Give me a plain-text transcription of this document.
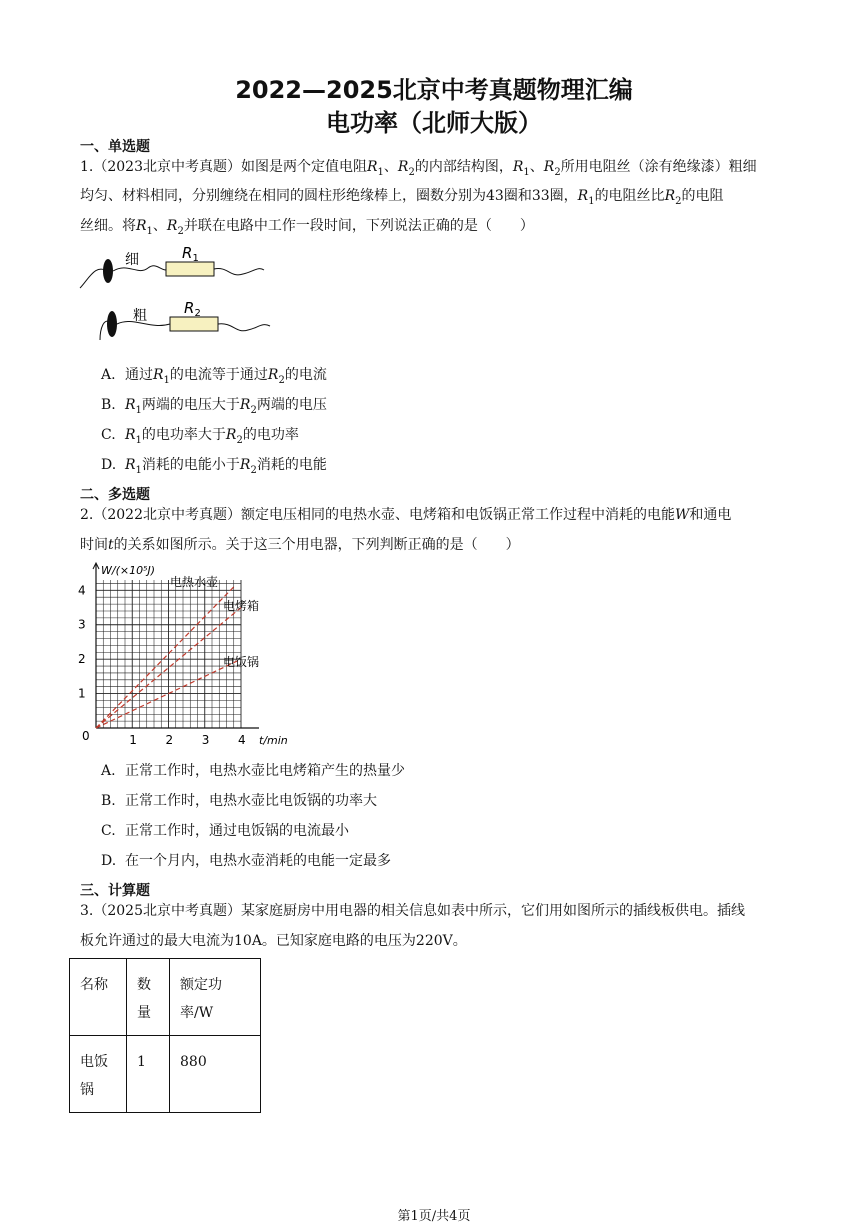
2022—2025北京中考真题物理汇编
电功率（北师大版）
一、单选题
1.（2023北京中考真题）如图是两个定值电阻$R_1$、$R_2$的内部结构图，$R_1$、$R_2$所用电阻丝（涂有绝缘漆）粗细
均匀、材料相同，分别缠绕在相同的圆柱形绝缘棒上，圈数分别为43圈和33圈，$R_1$的电阻丝比$R_2$的电阻
丝细。将$R_1$、$R_2$并联在电路中工作一段时间，下列说法正确的是（　　）
细	$R_1$
粗 $R_2$
A. 通过$R_1$的电流等于通过$R_2$的电流
B. $R_1$两端的电压大于$R_2$两端的电压
C. $R_1$的电功率大于$R_2$的电功率
D. $R_1$消耗的电能小于$R_2$消耗的电能
二、多选题
2.（2022北京中考真题）额定电压相同的电热水壶、电烤箱和电饭锅正常工作过程中消耗的电能W和通电
时间t的关系如图所示。关于这三个用电器，下列判断正确的是（　　）
1 2 3 4
1
2
3
4
0
W/(×10⁵J)
t/min
电热水壶
电烤箱
电饭锅
A. 正常工作时，电热水壶比电烤箱产生的热量少
B. 正常工作时，电热水壶比电饭锅的功率大
C. 正常工作时，通过电饭锅的电流最小
D. 在一个月内，电热水壶消耗的电能一定最多
三、计算题
3.（2025北京中考真题）某家庭厨房中用电器的相关信息如表中所示，它们用如图所示的插线板供电。插线
板允许通过的最大电流为10A。已知家庭电路的电压为220V。
名称	数量	额定功率/W
电饭锅	1	880
第1页/共4页
